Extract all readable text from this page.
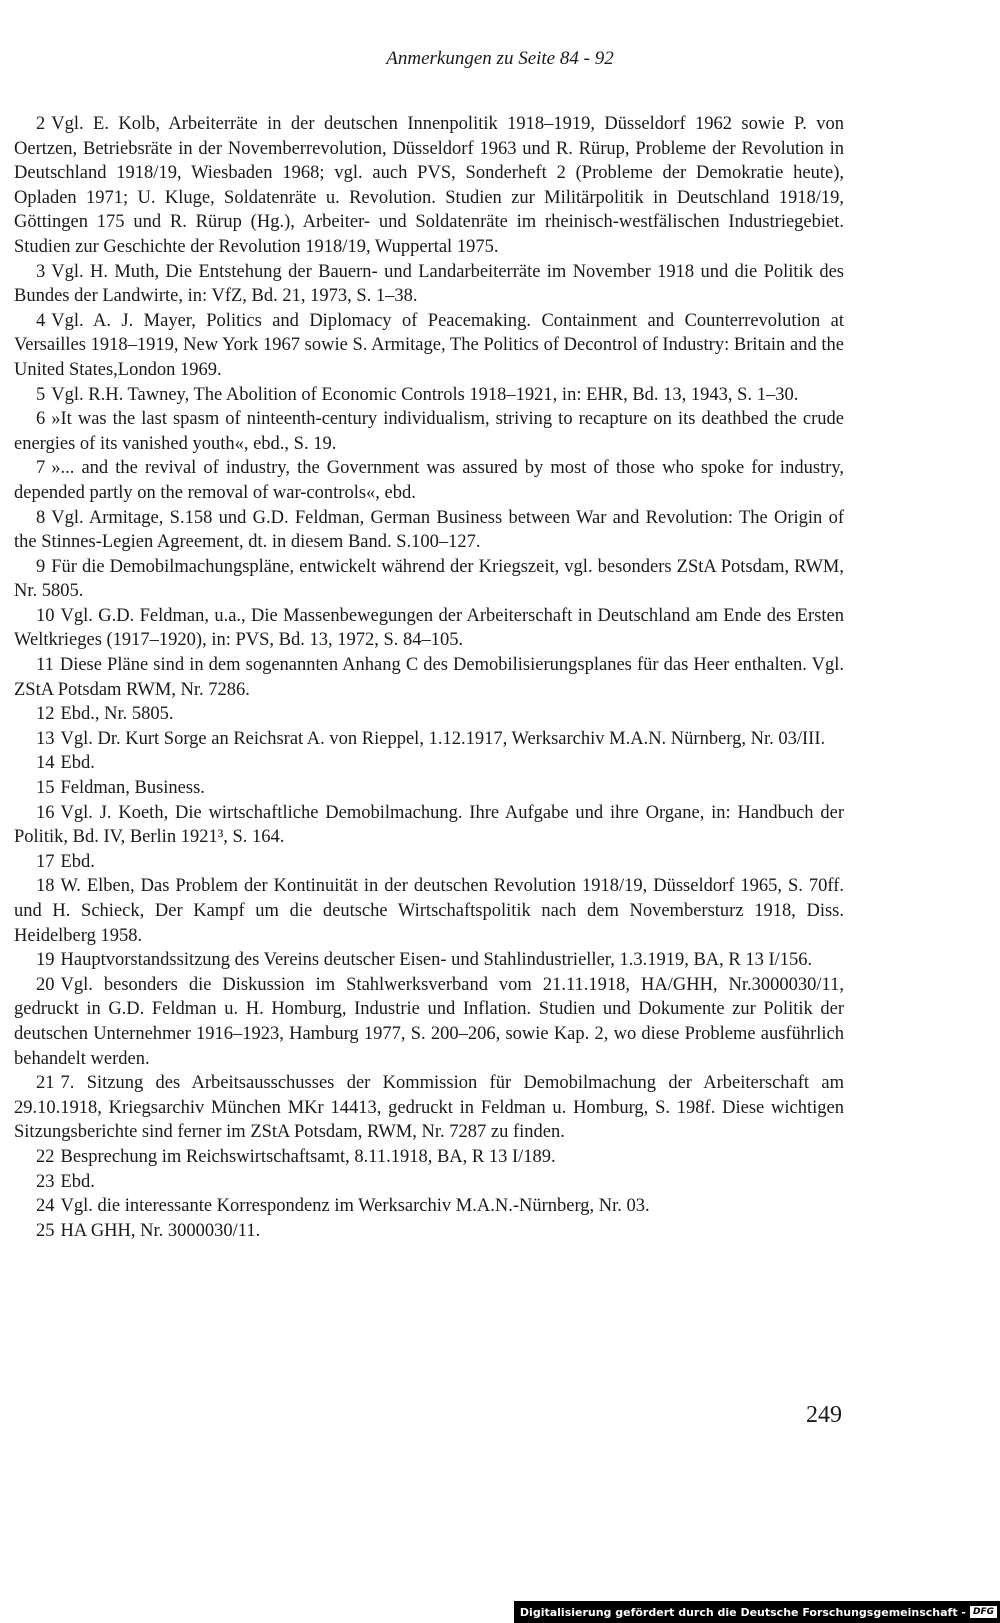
Anmerkungen zu Seite 84 - 92

2 Vgl. E. Kolb, Arbeiterräte in der deutschen Innenpolitik 1918–1919, Düsseldorf 1962 sowie P. von Oertzen, Betriebsräte in der Novemberrevolution, Düsseldorf 1963 und R. Rürup, Probleme der Revolution in Deutschland 1918/19, Wiesbaden 1968; vgl. auch PVS, Sonderheft 2 (Probleme der Demokratie heute), Opladen 1971; U. Kluge, Soldatenräte u. Revolution. Studien zur Militärpolitik in Deutschland 1918/19, Göttingen 175 und R. Rürup (Hg.), Arbeiter- und Soldatenräte im rheinisch-westfälischen Industriegebiet. Studien zur Geschichte der Revolution 1918/19, Wuppertal 1975.

3 Vgl. H. Muth, Die Entstehung der Bauern- und Landarbeiterräte im November 1918 und die Politik des Bundes der Landwirte, in: VfZ, Bd. 21, 1973, S. 1–38.

4 Vgl. A. J. Mayer, Politics and Diplomacy of Peacemaking. Containment and Counterrevolution at Versailles 1918–1919, New York 1967 sowie S. Armitage, The Politics of Decontrol of Industry: Britain and the United States,London 1969.

5 Vgl. R.H. Tawney, The Abolition of Economic Controls 1918–1921, in: EHR, Bd. 13, 1943, S. 1–30.

6 »It was the last spasm of ninteenth-century individualism, striving to recapture on its deathbed the crude energies of its vanished youth«, ebd., S. 19.

7 »... and the revival of industry, the Government was assured by most of those who spoke for industry, depended partly on the removal of war-controls«, ebd.

8 Vgl. Armitage, S.158 und G.D. Feldman, German Business between War and Revolution: The Origin of the Stinnes-Legien Agreement, dt. in diesem Band. S.100–127.

9 Für die Demobilmachungspläne, entwickelt während der Kriegszeit, vgl. besonders ZStA Potsdam, RWM, Nr. 5805.

10 Vgl. G.D. Feldman, u.a., Die Massenbewegungen der Arbeiterschaft in Deutschland am Ende des Ersten Weltkrieges (1917–1920), in: PVS, Bd. 13, 1972, S. 84–105.

11 Diese Pläne sind in dem sogenannten Anhang C des Demobilisierungsplanes für das Heer enthalten. Vgl. ZStA Potsdam RWM, Nr. 7286.

12 Ebd., Nr. 5805.

13 Vgl. Dr. Kurt Sorge an Reichsrat A. von Rieppel, 1.12.1917, Werksarchiv M.A.N. Nürnberg, Nr. 03/III.

14 Ebd.

15 Feldman, Business.

16 Vgl. J. Koeth, Die wirtschaftliche Demobilmachung. Ihre Aufgabe und ihre Organe, in: Handbuch der Politik, Bd. IV, Berlin 1921³, S. 164.

17 Ebd.

18 W. Elben, Das Problem der Kontinuität in der deutschen Revolution 1918/19, Düsseldorf 1965, S. 70ff. und H. Schieck, Der Kampf um die deutsche Wirtschaftspolitik nach dem Novembersturz 1918, Diss. Heidelberg 1958.

19 Hauptvorstandssitzung des Vereins deutscher Eisen- und Stahlindustrieller, 1.3.1919, BA, R 13 I/156.

20 Vgl. besonders die Diskussion im Stahlwerksverband vom 21.11.1918, HA/GHH, Nr.3000030/11, gedruckt in G.D. Feldman u. H. Homburg, Industrie und Inflation. Studien und Dokumente zur Politik der deutschen Unternehmer 1916–1923, Hamburg 1977, S. 200–206, sowie Kap. 2, wo diese Probleme ausführlich behandelt werden.

21 7. Sitzung des Arbeitsausschusses der Kommission für Demobilmachung der Arbeiterschaft am 29.10.1918, Kriegsarchiv München MKr 14413, gedruckt in Feldman u. Homburg, S. 198f. Diese wichtigen Sitzungsberichte sind ferner im ZStA Potsdam, RWM, Nr. 7287 zu finden.

22 Besprechung im Reichswirtschaftsamt, 8.11.1918, BA, R 13 I/189.

23 Ebd.

24 Vgl. die interessante Korrespondenz im Werksarchiv M.A.N.-Nürnberg, Nr. 03.

25 HA GHH, Nr. 3000030/11.

249
Digitalisierung gefördert durch die Deutsche Forschungsgemeinschaft - DFG
